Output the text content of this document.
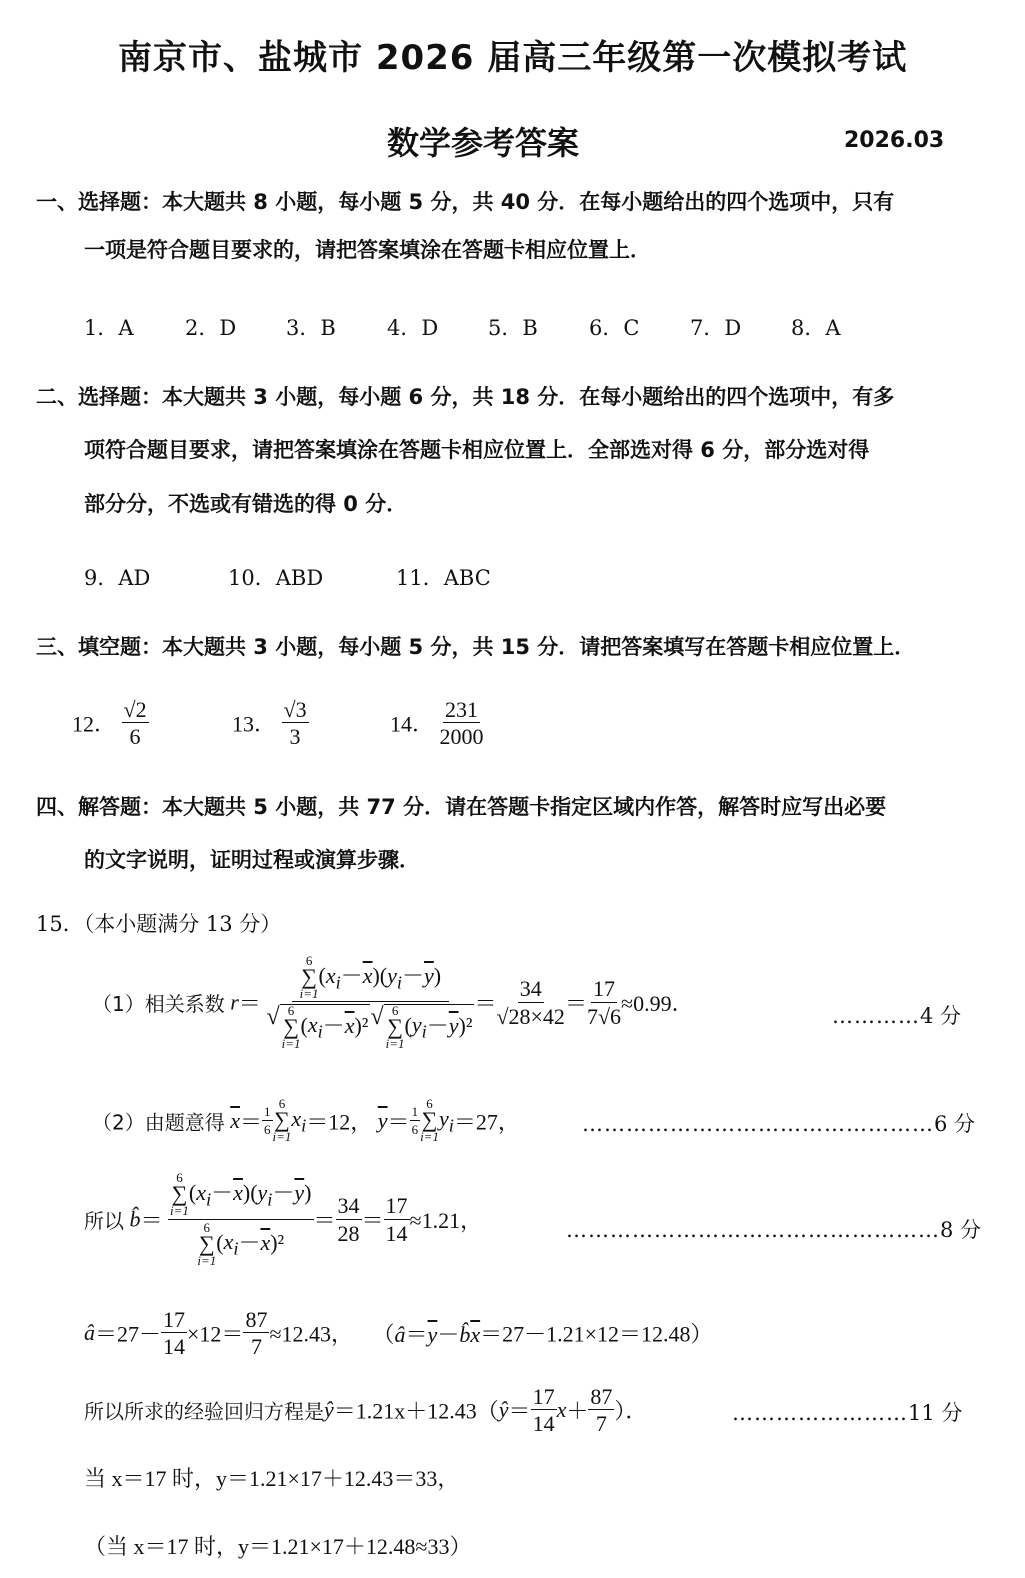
南京市、盐城市 2026 届高三年级第一次模拟考试
数学参考答案	2026.03
一、选择题：本大题共 8 小题，每小题 5 分，共 40 分．在每小题给出的四个选项中，只有
一项是符合题目要求的，请把答案填涂在答题卡相应位置上．
1．A 2．D 3．B 4．D 5．B 6．C 7．D 8．A
二、选择题：本大题共 3 小题，每小题 6 分，共 18 分．在每小题给出的四个选项中，有多
项符合题目要求，请把答案填涂在答题卡相应位置上．全部选对得 6 分，部分选对得
部分分，不选或有错选的得 0 分．
9．AD	10．ABD	11．ABC
三、填空题：本大题共 3 小题，每小题 5 分，共 15 分．请把答案填写在答题卡相应位置上．
12． $\frac{√2}{6}$	13． $\frac{√3}{3}$	14． $\frac{231}{2000}$
四、解答题：本大题共 5 小题，共 77 分．请在答题卡指定区域内作答，解答时应写出必要
的文字说明，证明过程或演算步骤．
15．（本小题满分 13 分）
（1）相关系数 r＝ 6
∑
i=1
$(x_i-\overline{x})(y_i-\overline{y})$
√ 6
∑
i=1
$(x_i-\overline{x})^2$ √ 6
∑
i=1
$(y_i-\overline{y})^2 = \frac{34}{√28\times 42} = \frac{17}{7√6} \approx 0.99$．	…………4 分
（2）由题意得 $\overline{x}= \frac{1}{6}$
6
∑
i=1
$x_i=12$， $\overline{y}= \frac{1}{6}$
6
∑
i=1
$y_i=27$，	…………………………………………6 分
所以 b̂＝ 6
∑
i=1
$(x_i-\overline{x})(y_i-\overline{y})$
6
∑
i=1
$(x_i-\overline{x})^2 = \frac{34}{28} = \frac{17}{14} \approx 1.21$，	……………………………………………8 分
â＝27－ $\frac{17}{14} \times 12= \frac{87}{7} \approx 12.43$， $(â=\overline{y}-b̂\overline{x}=27-1.21\times 12=12.48)$
所以所求的经验回归方程是ŷ＝1.21x＋12.43（ŷ＝ $\frac{17}{14} x+ \frac{87}{7}$ ）．	……………………11 分
当 x＝17 时，y＝1.21×17＋12.43＝33，
（当 x＝17 时，y＝1.21×17＋12.48≈33）
